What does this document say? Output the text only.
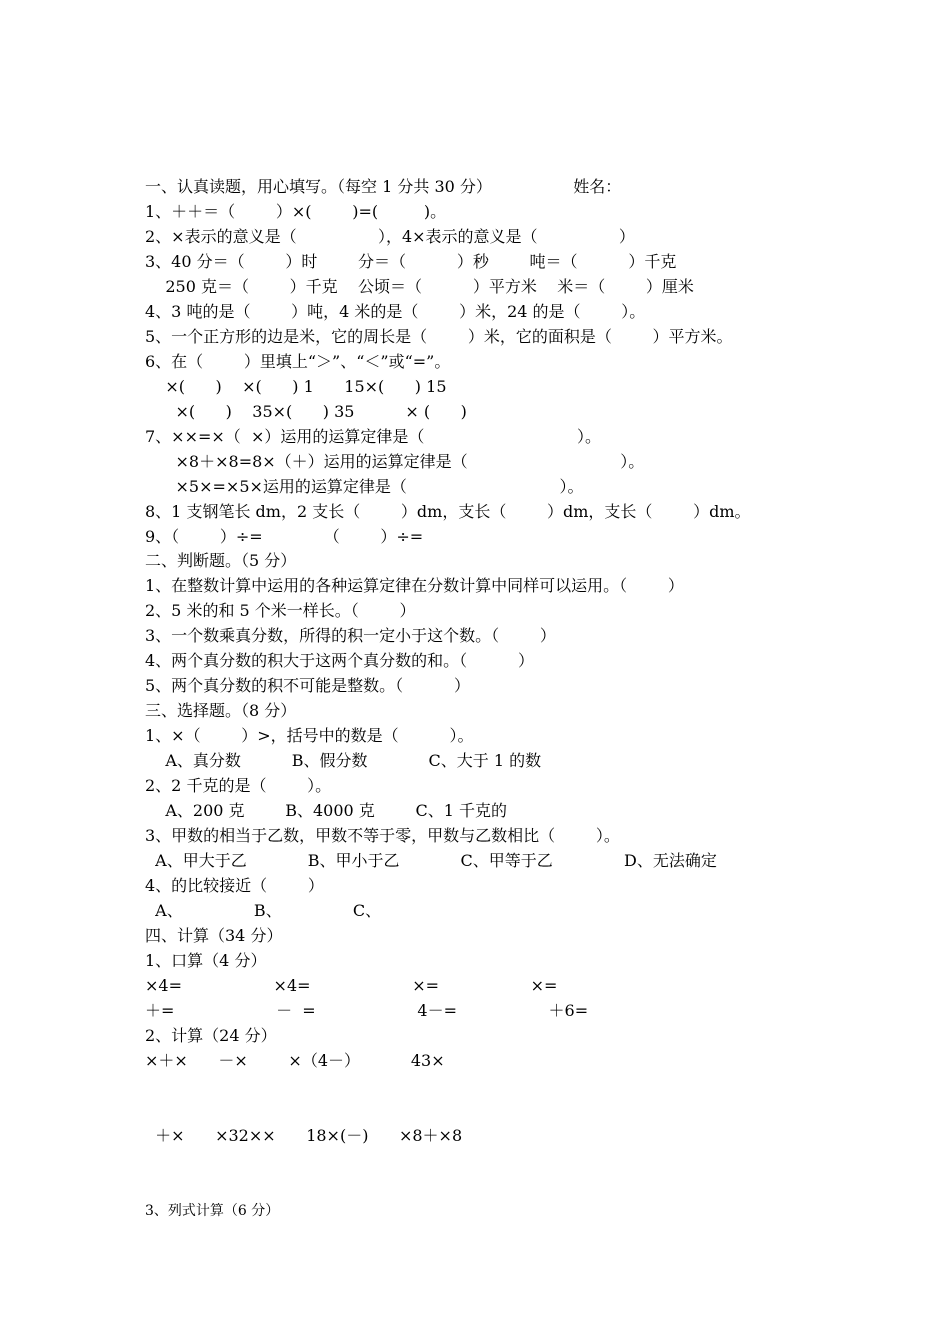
一、认真读题，用心填写。（每空 1 分共 30 分）                姓名：
1、＋＋＝（        ）×(        )=(         )。
2、×表示的意义是（                ），4×表示的意义是（                ）
3、40 分＝（        ）时        分＝（          ）秒        吨＝（          ）千克
250 克＝（        ）千克    公顷＝（          ）平方米    米＝（        ）厘米
4、3 吨的是（        ）吨，4 米的是（        ）米，24 的是（        ）。
5、一个正方形的边是米，它的周长是（        ）米，它的面积是（        ）平方米。
6、在（        ）里填上“＞”、“＜”或“=”。
×(      )    ×(      ) 1      15×(      ) 15
×(      )    35×(      ) 35          × (      )
7、××=×（  ×）运用的运算定律是（                              ）。
×8＋×8=8×（＋）运用的运算定律是（                              ）。
×5×=×5×运用的运算定律是（                              ）。
8、1 支钢笔长 dm，2 支长（        ）dm，支长（        ）dm，支长（        ）dm。
9、（        ）÷=            （        ）÷=
二、判断题。（5 分）
1、在整数计算中运用的各种运算定律在分数计算中同样可以运用。（        ）
2、5 米的和 5 个米一样长。（        ）
3、一个数乘真分数，所得的积一定小于这个数。（        ）
4、两个真分数的积大于这两个真分数的和。（          ）
5、两个真分数的积不可能是整数。（          ）
三、选择题。（8 分）
1、×（        ）>，括号中的数是（          ）。
A、真分数          B、假分数            C、大于 1 的数
2、2 千克的是（        ）。
A、200 克        B、4000 克        C、1 千克的
3、甲数的相当于乙数，甲数不等于零，甲数与乙数相比（        ）。
A、甲大于乙            B、甲小于乙            C、甲等于乙              D、无法确定
4、的比较接近（        ）
A、              B、              C、
四、计算（34 分）
1、口算（4 分）
×4=                  ×4=                    ×=                  ×=
＋=                    －  =                    4－=                  ＋6=
2、计算（24 分）
×＋×      －×        ×（4－）          43×
＋×      ×32××      18×(－)      ×8＋×8
3、列式计算（6 分）
